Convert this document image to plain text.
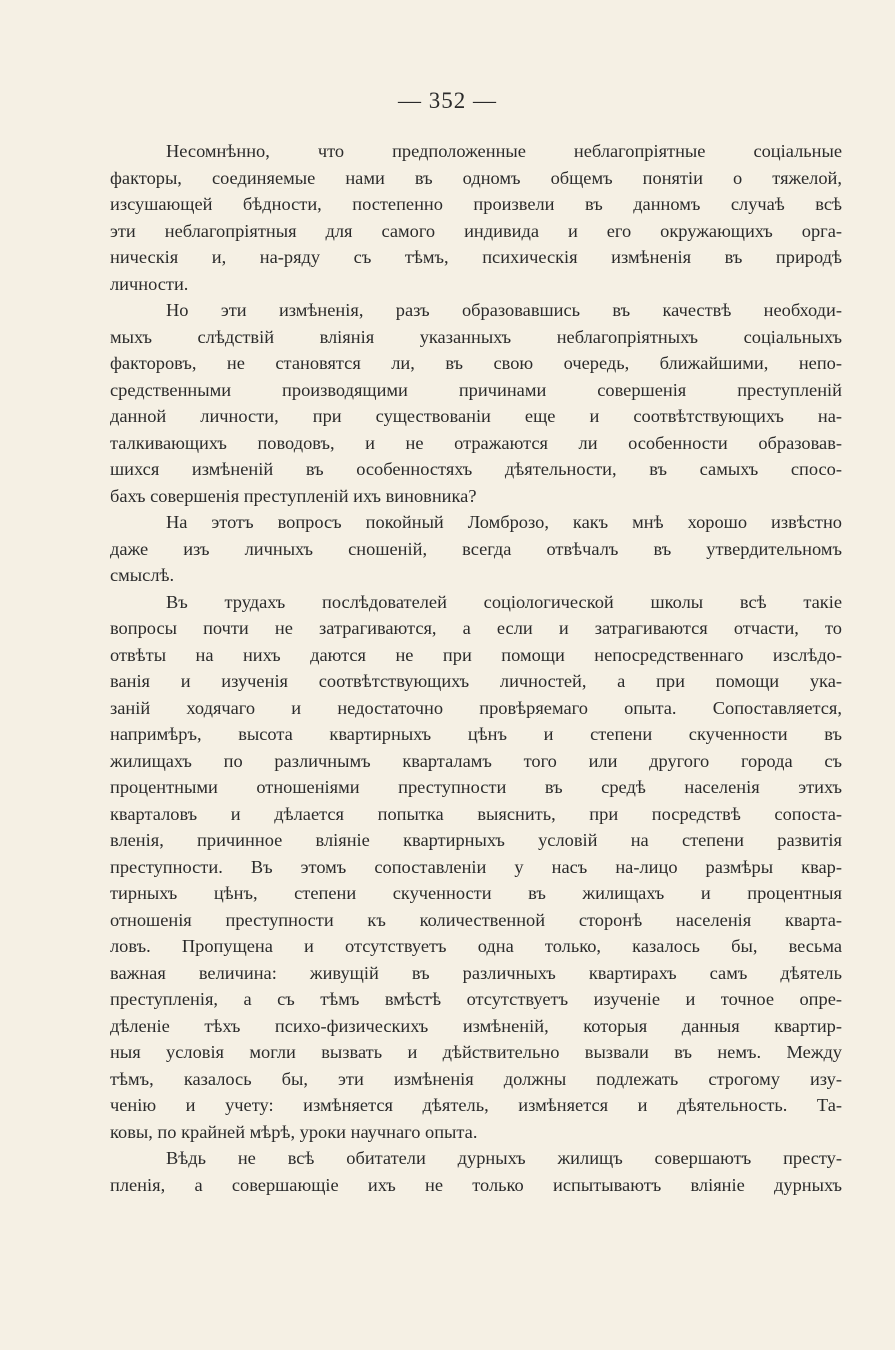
— 352 —
Несомнѣнно, что предположенные неблагопріятные соціальные
факторы, соединяемые нами въ одномъ общемъ понятіи о тяжелой,
изсушающей бѣдности, постепенно произвели въ данномъ случаѣ всѣ
эти неблагопріятныя для самого индивида и его окружающихъ орга-
ническія и, на-ряду съ тѣмъ, психическія измѣненія въ природѣ
личности.
Но эти измѣненія, разъ образовавшись въ качествѣ необходи-
мыхъ слѣдствій вліянія указанныхъ неблагопріятныхъ соціальныхъ
факторовъ, не становятся ли, въ свою очередь, ближайшими, непо-
средственными производящими причинами совершенія преступленій
данной личности, при существованіи еще и соотвѣтствующихъ на-
талкивающихъ поводовъ, и не отражаются ли особенности образовав-
шихся измѣненій въ особенностяхъ дѣятельности, въ самыхъ спосо-
бахъ совершенія преступленій ихъ виновника?
На этотъ вопросъ покойный Ломброзо, какъ мнѣ хорошо извѣстно
даже изъ личныхъ сношеній, всегда отвѣчалъ въ утвердительномъ
смыслѣ.
Въ трудахъ послѣдователей соціологической школы всѣ такіе
вопросы почти не затрагиваются, а если и затрагиваются отчасти, то
отвѣты на нихъ даются не при помощи непосредственнаго изслѣдо-
ванія и изученія соотвѣтствующихъ личностей, а при помощи ука-
заній ходячаго и недостаточно провѣряемаго опыта. Сопоставляется,
напримѣръ, высота квартирныхъ цѣнъ и степени скученности въ
жилищахъ по различнымъ кварталамъ того или другого города съ
процентными отношеніями преступности въ средѣ населенія этихъ
кварталовъ и дѣлается попытка выяснить, при посредствѣ сопоста-
вленія, причинное вліяніе квартирныхъ условій на степени развитія
преступности. Въ этомъ сопоставленіи у насъ на-лицо размѣры квар-
тирныхъ цѣнъ, степени скученности въ жилищахъ и процентныя
отношенія преступности къ количественной сторонѣ населенія кварта-
ловъ. Пропущена и отсутствуетъ одна только, казалось бы, весьма
важная величина: живущій въ различныхъ квартирахъ самъ дѣятель
преступленія, а съ тѣмъ вмѣстѣ отсутствуетъ изученіе и точное опре-
дѣленіе тѣхъ психо-физическихъ измѣненій, которыя данныя квартир-
ныя условія могли вызвать и дѣйствительно вызвали въ немъ. Между
тѣмъ, казалось бы, эти измѣненія должны подлежать строгому изу-
ченію и учету: измѣняется дѣятель, измѣняется и дѣятельность. Та-
ковы, по крайней мѣрѣ, уроки научнаго опыта.
Вѣдь не всѣ обитатели дурныхъ жилищъ совершаютъ престу-
пленія, а совершающіе ихъ не только испытываютъ вліяніе дурныхъ
